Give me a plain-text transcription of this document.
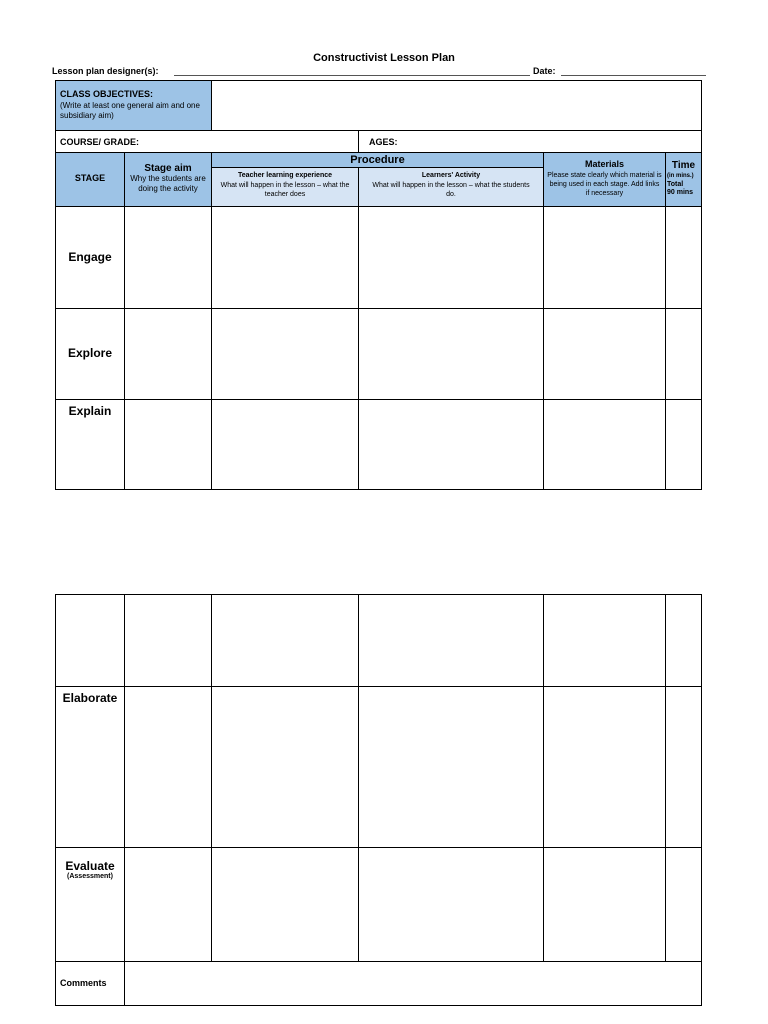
Constructivist Lesson Plan
Lesson plan designer(s):	Date:
CLASS OBJECTIVES:
(Write at least one general aim and one subsidiary aim)
COURSE/ GRADE:	AGES:
STAGE
Stage aim
Why the students are doing the activity
Procedure
Teacher learning experience
What will happen in the lesson – what the teacher does
Learners' Activity
What will happen in the lesson – what the students do.
Materials
Please state clearly which material is being used in each stage. Add links if necessary
Time
(in mins.)
Total
90 mins
Engage
Explore
Explain
Elaborate
Evaluate
(Assessment)
Comments
